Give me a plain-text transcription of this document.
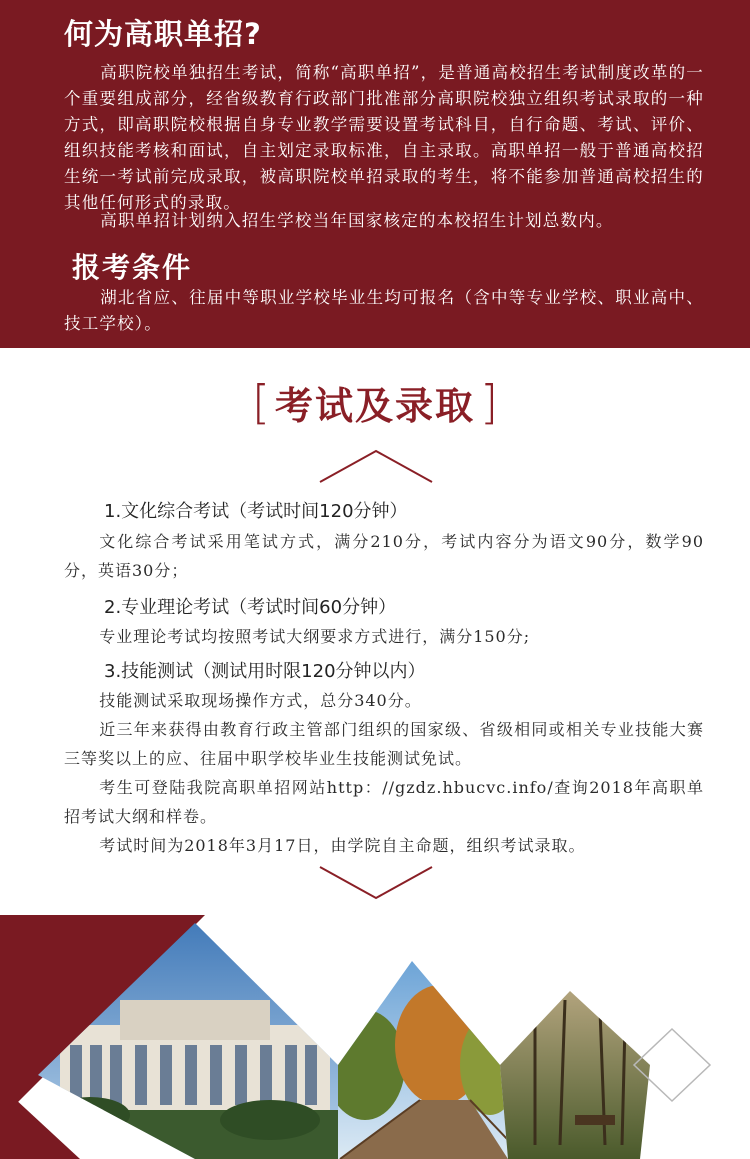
何为高职单招?

高职院校单独招生考试，简称“高职单招”，是普通高校招生考试制度改革的一个重要组成部分，经省级教育行政部门批准部分高职院校独立组织考试录取的一种方式，即高职院校根据自身专业教学需要设置考试科目，自行命题、考试、评价、组织技能考核和面试，自主划定录取标准，自主录取。高职单招一般于普通高校招生统一考试前完成录取，被高职院校单招录取的考生，将不能参加普通高校招生的其他任何形式的录取。

高职单招计划纳入招生学校当年国家核定的本校招生计划总数内。

报考条件

湖北省应、往届中等职业学校毕业生均可报名（含中等专业学校、职业高中、技工学校）。

[ 考试及录取 ]

1.文化综合考试（考试时间120分钟）

文化综合考试采用笔试方式，满分210分，考试内容分为语文90分，数学90分，英语30分；

2.专业理论考试（考试时间60分钟）

专业理论考试均按照考试大纲要求方式进行，满分150分;

3.技能测试（测试用时限120分钟以内）

技能测试采取现场操作方式，总分340分。

近三年来获得由教育行政主管部门组织的国家级、省级相同或相关专业技能大赛三等奖以上的应、往届中职学校毕业生技能测试免试。

考生可登陆我院高职单招网站http：//gzdz.hbucvc.info/查询2018年高职单招考试大纲和样卷。

考试时间为2018年3月17日，由学院自主命题，组织考试录取。
